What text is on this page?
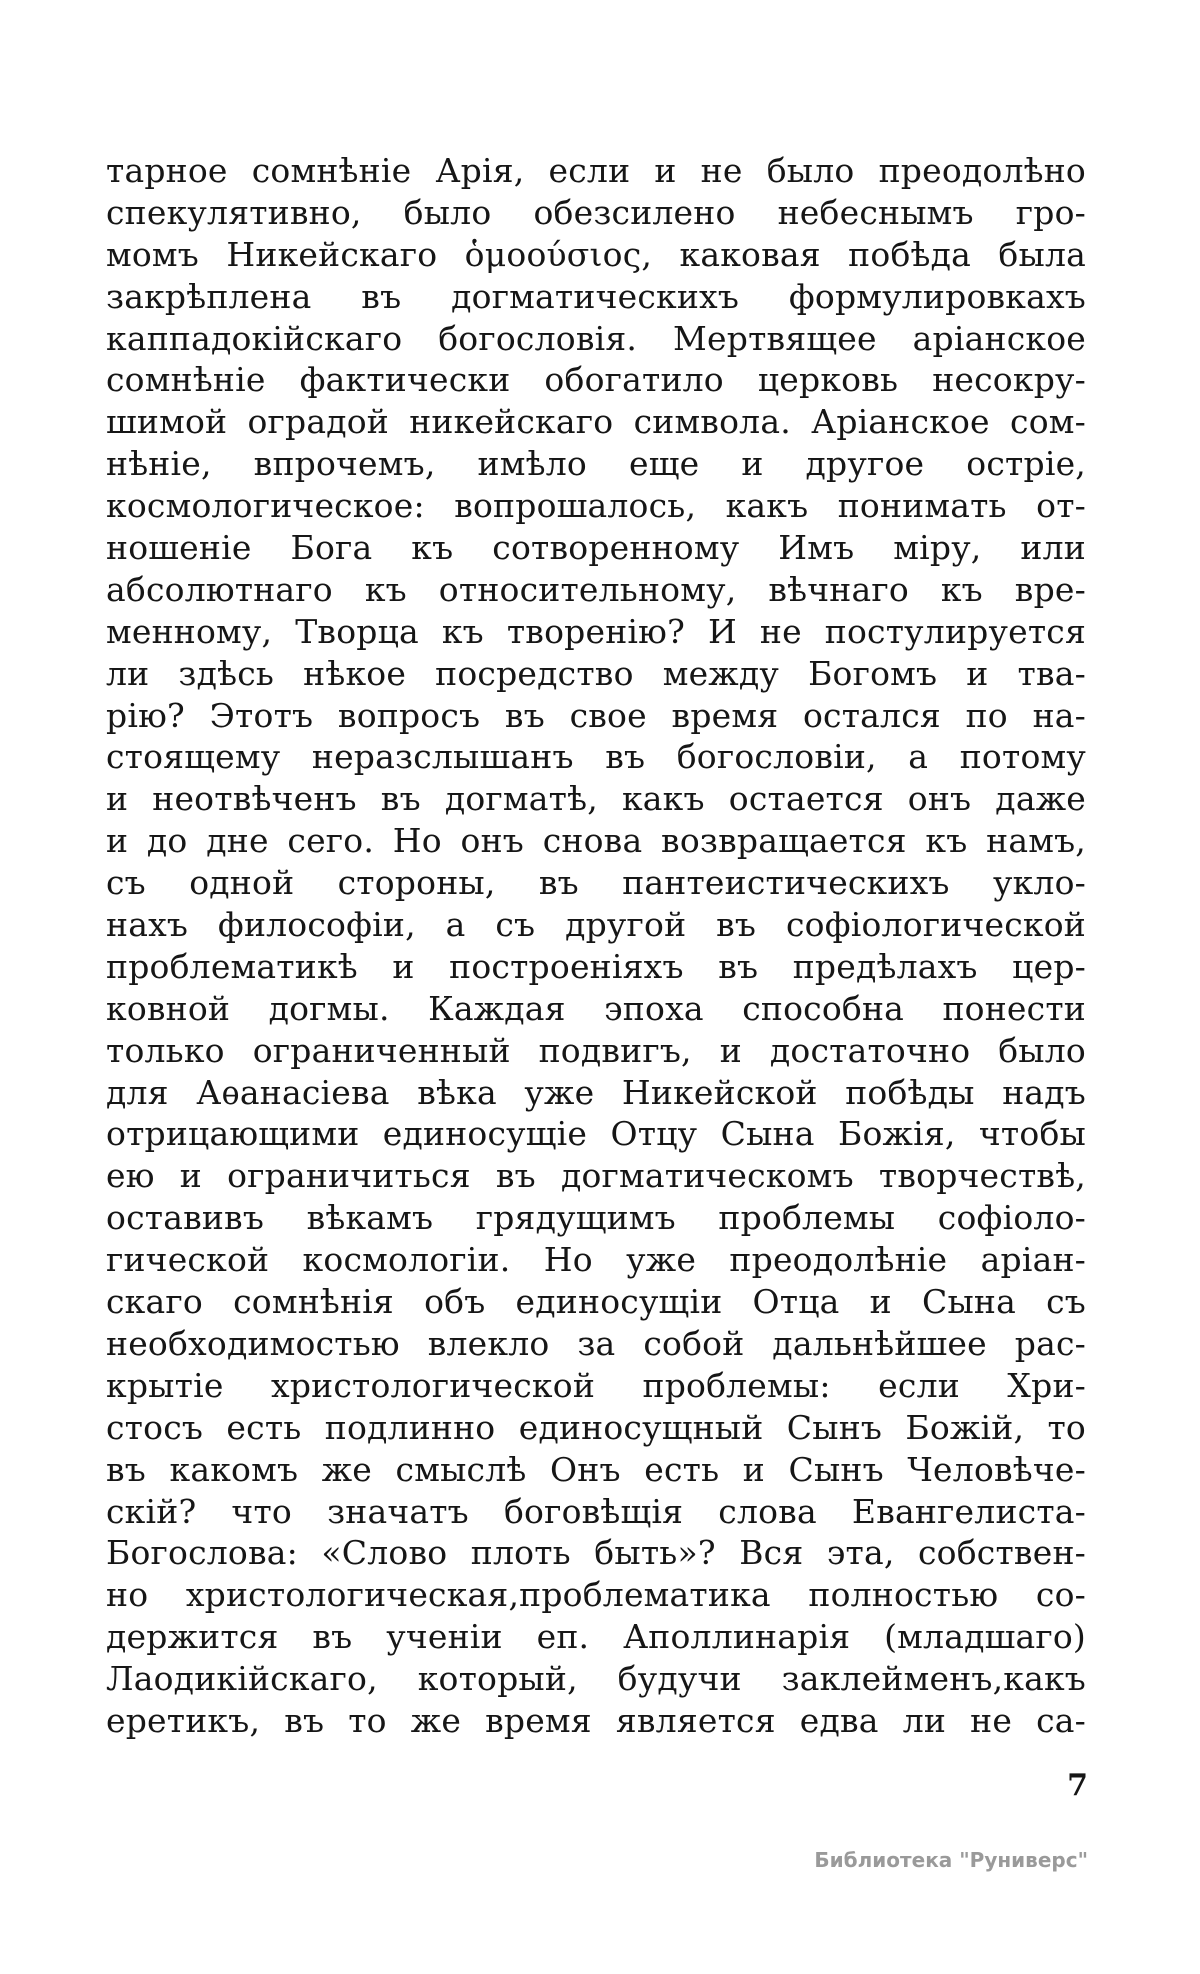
тарное сомнѣніе Арія, если и не было преодолѣно
спекулятивно, было обезсилено небеснымъ гро-
момъ Никейскаго ὁμοούσιος, каковая побѣда была
закрѣплена въ догматическихъ формулировкахъ
каппадокійскаго богословія. Мертвящее аріанское
сомнѣніе фактически обогатило церковь несокру-
шимой оградой никейскаго символа. Аріанское сом-
нѣніе, впрочемъ, имѣло еще и другое остріе,
космологическое: вопрошалось, какъ понимать от-
ношеніе Бога къ сотворенному Имъ міру, или
абсолютнаго къ относительному, вѣчнаго къ вре-
менному, Творца къ творенію? И не постулируется
ли здѣсь нѣкое посредство между Богомъ и тва-
рію? Этотъ вопросъ въ свое время остался по на-
стоящему неразслышанъ въ богословіи, а потому
и неотвѣченъ въ догматѣ, какъ остается онъ даже
и до дне сего. Но онъ снова возвращается къ намъ,
съ одной стороны, въ пантеистическихъ укло-
нахъ философіи, а съ другой въ софіологической
проблематикѣ и построеніяхъ въ предѣлахъ цер-
ковной догмы. Каждая эпоха способна понести
только ограниченный подвигъ, и достаточно было
для Аѳанасіева вѣка уже Никейской побѣды надъ
отрицающими единосущіе Отцу Сына Божія, чтобы
ею и ограничиться въ догматическомъ творчествѣ,
оставивъ вѣкамъ грядущимъ проблемы софіоло-
гической космологіи. Но уже преодолѣніе аріан-
скаго сомнѣнія объ единосущіи Отца и Сына съ
необходимостью влекло за собой дальнѣйшее рас-
крытіе христологической проблемы: если Хри-
стосъ есть подлинно единосущный Сынъ Божій, то
въ какомъ же смыслѣ Онъ есть и Сынъ Человѣче-
скій? что значатъ боговѣщія слова Евангелиста-
Богослова: «Слово плоть быть»? Вся эта, собствен-
но христологическая,проблематика полностью со-
держится въ ученіи еп. Аполлинарія (младшаго)
Лаодикійскаго, который, будучи заклейменъ,какъ
еретикъ, въ то же время является едва ли не са-
7
Библиотека "Руниверс"
